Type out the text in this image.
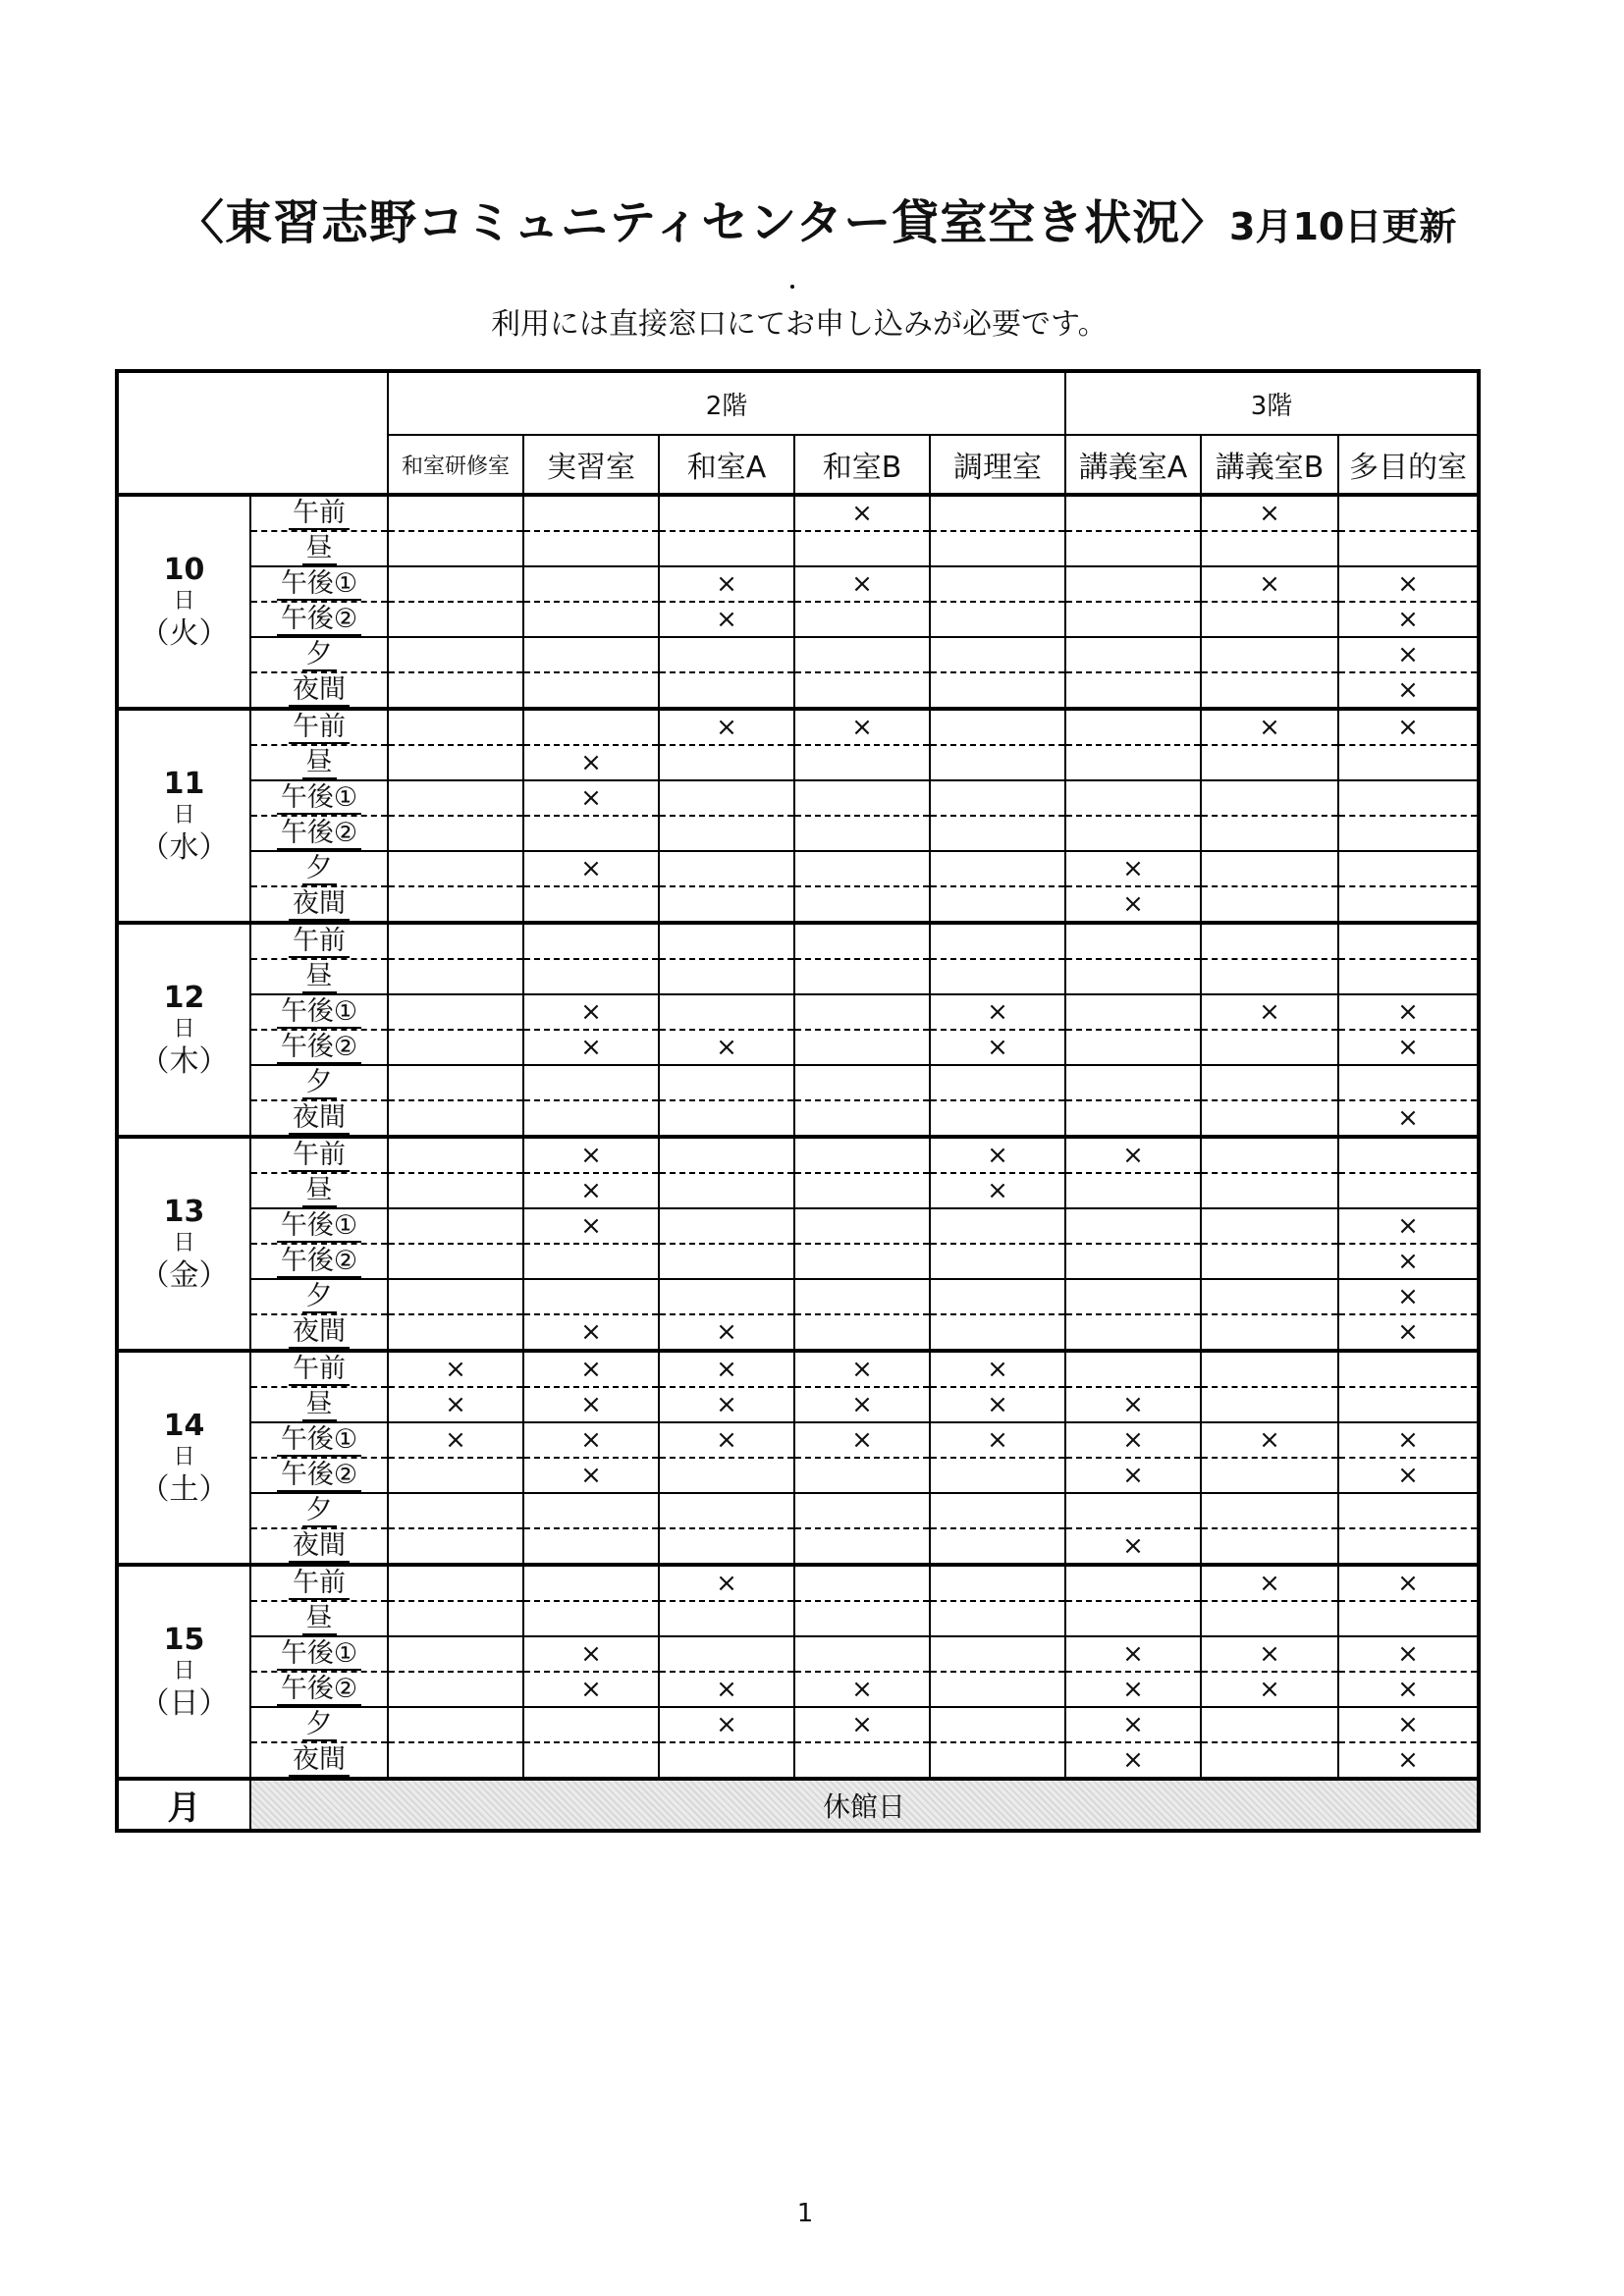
〈東習志野コミュニティセンター貸室空き状況〉 3月10日更新
利用には直接窓口にてお申し込みが必要です。
		2階					3階		
		和室研修室	実習室	和室A	和室B	調理室	講義室A	講義室B	多目的室

10
日
（火）	午前				×			×	
	昼								
	午後①			×	×			×	×
	午後②			×					×
	夕								×
	夜間								×

11
日
（水）	午前			×	×			×	×
	昼		×						
	午後①		×						
	午後②								
	夕		×				×		
	夜間						×		

12
日
（木）	午前								
	昼								
	午後①		×			×		×	×
	午後②		×	×		×			×
	夕								
	夜間								×

13
日
（金）	午前		×			×	×		
	昼		×			×			
	午後①		×						×
	午後②								×
	夕								×
	夜間		×	×					×

14
日
（土）	午前	×	×	×	×	×			
	昼	×	×	×	×	×	×		
	午後①	×	×	×	×	×	×	×	×
	午後②		×				×		×
	夕								
	夜間						×		

15
日
（日）	午前			×				×	×
	昼								
	午後①		×				×	×	×
	午後②		×	×	×		×	×	×
	夕			×	×		×		×
	夜間						×		×
月	休館日								
1
